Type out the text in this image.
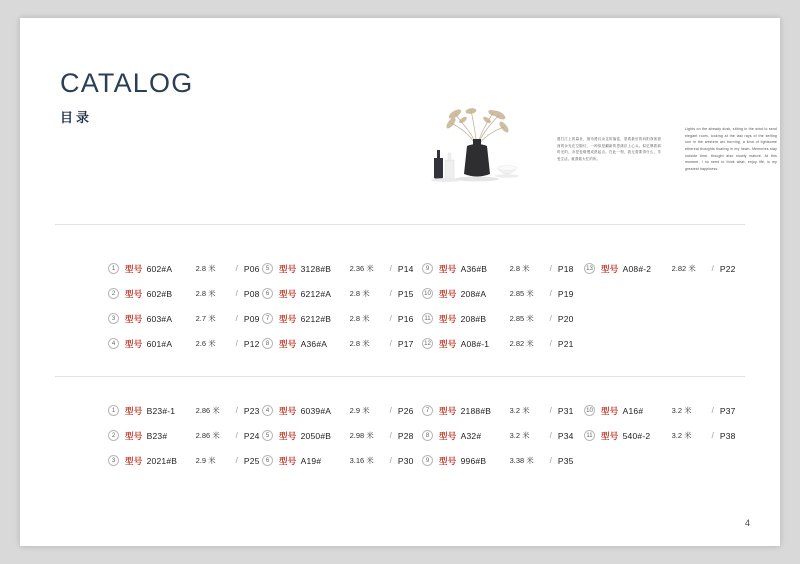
CATALOG
目录
窗打江上的暮音，抽帘漫仅余这的落富，望着最后的斜阳涤荡窗西的余光在空隙灯，一种似是翻新的思绪浮上心头。似忆牌着那时光的，亦是也缘慢成熟起点。在此一刻，我无需要得什么，享受生活。就我做大忙的所。
Lights on the already dusk, sitting in the wind to send elegant room, looking at the last rays of the setting sun in the western arc burning, a kind of lightsome ethereal thoughts floating in my heart. Memories stay outside time, thought also slowly mature. At this moment, I no need to think what, enjoy life, is my greatest happiness.
1	型号 602#A	2.8 米	/ P06
2	型号 602#B	2.8 米	/ P08
3	型号 603#A	2.7 米	/ P09
4	型号 601#A	2.6 米	/ P12
5	型号 3128#B	2.36 米	/ P14
6	型号 6212#A	2.8 米	/ P15
7	型号 6212#B	2.8 米	/ P16
8	型号 A36#A	2.8 米	/ P17
9	型号 A36#B	2.8 米	/ P18
10 型号 208#A	2.85 米	/ P19
11 型号 208#B	2.85 米	/ P20
12 型号 A08#-1	2.82 米	/ P21
13 型号 A08#-2	2.82 米	/ P22
1	型号 B23#-1	2.86 米	/ P23
2	型号 B23#	2.86 米	/ P24
3	型号 2021#B	2.9 米	/ P25
4	型号 6039#A	2.9 米	/ P26
5	型号 2050#B	2.98 米	/ P28
6	型号 A19#	3.16 米	/ P30
7	型号 2188#B	3.2 米	/ P31
8	型号 A32#	3.2 米	/ P34
9	型号 996#B	3.38 米	/ P35
10 型号 A16#	3.2 米	/ P37
11 型号 540#-2	3.2 米	/ P38
4
